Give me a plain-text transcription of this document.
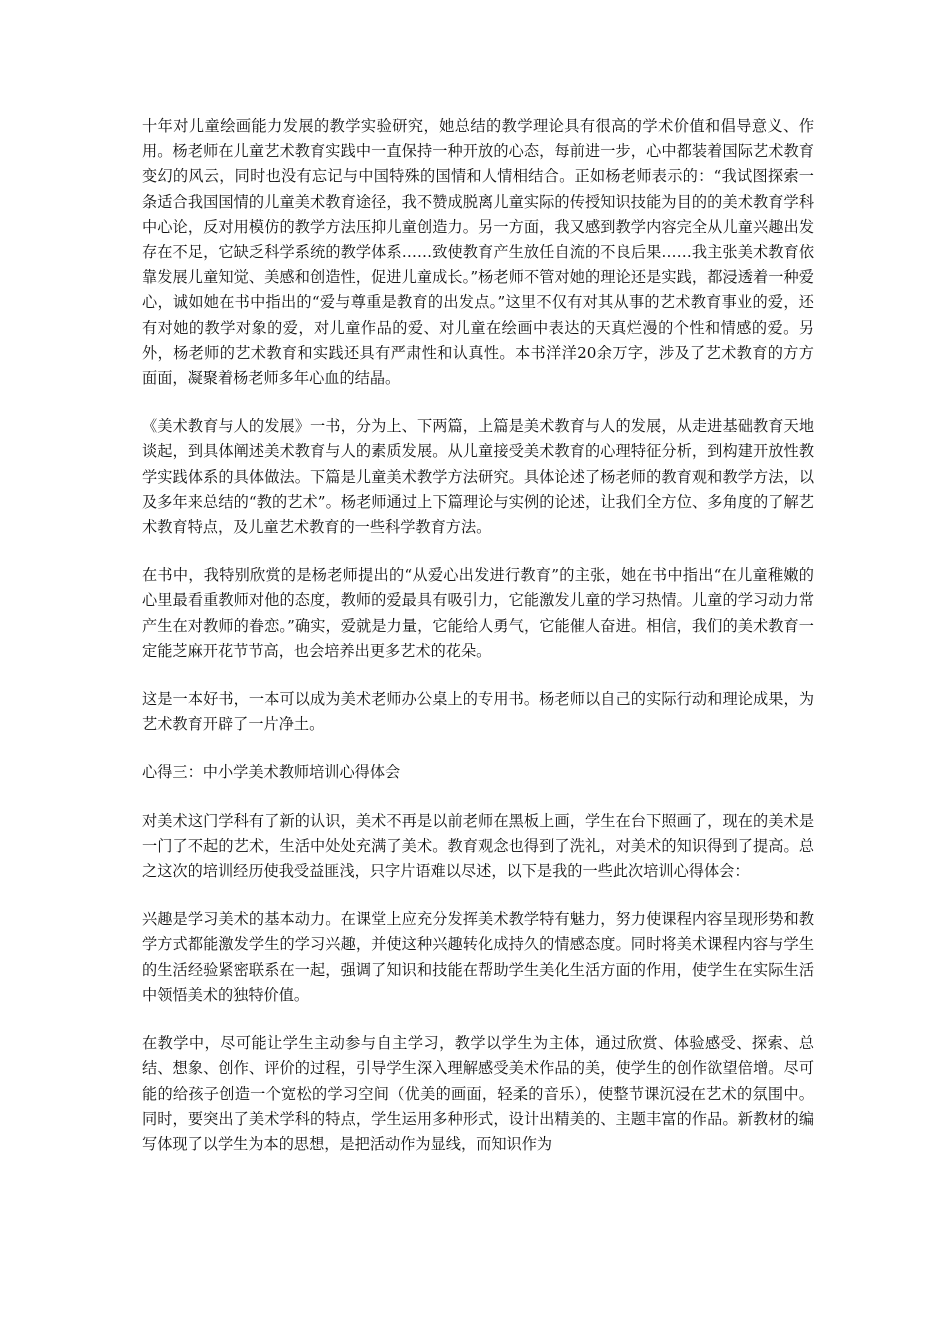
十年对儿童绘画能力发展的教学实验研究，她总结的教学理论具有很高的学术价值和倡导意义、作用。杨老师在儿童艺术教育实践中一直保持一种开放的心态，每前进一步，心中都装着国际艺术教育变幻的风云，同时也没有忘记与中国特殊的国情和人情相结合。正如杨老师表示的：“我试图探索一条适合我国国情的儿童美术教育途径，我不赞成脱离儿童实际的传授知识技能为目的的美术教育学科中心论，反对用模仿的教学方法压抑儿童创造力。另一方面，我又感到教学内容完全从儿童兴趣出发存在不足，它缺乏科学系统的教学体系……致使教育产生放任自流的不良后果……我主张美术教育依靠发展儿童知觉、美感和创造性，促进儿童成长。”杨老师不管对她的理论还是实践，都浸透着一种爱心，诚如她在书中指出的“爱与尊重是教育的出发点。”这里不仅有对其从事的艺术教育事业的爱，还有对她的教学对象的爱，对儿童作品的爱、对儿童在绘画中表达的天真烂漫的个性和情感的爱。另外，杨老师的艺术教育和实践还具有严肃性和认真性。本书洋洋20余万字，涉及了艺术教育的方方面面，凝聚着杨老师多年心血的结晶。

《美术教育与人的发展》一书，分为上、下两篇，上篇是美术教育与人的发展，从走进基础教育天地谈起，到具体阐述美术教育与人的素质发展。从儿童接受美术教育的心理特征分析，到构建开放性教学实践体系的具体做法。下篇是儿童美术教学方法研究。具体论述了杨老师的教育观和教学方法，以及多年来总结的“教的艺术”。杨老师通过上下篇理论与实例的论述，让我们全方位、多角度的了解艺术教育特点，及儿童艺术教育的一些科学教育方法。

在书中，我特别欣赏的是杨老师提出的“从爱心出发进行教育”的主张，她在书中指出“在儿童稚嫩的心里最看重教师对他的态度，教师的爱最具有吸引力，它能激发儿童的学习热情。儿童的学习动力常产生在对教师的眷恋。”确实，爱就是力量，它能给人勇气，它能催人奋进。相信，我们的美术教育一定能芝麻开花节节高，也会培养出更多艺术的花朵。

这是一本好书，一本可以成为美术老师办公桌上的专用书。杨老师以自己的实际行动和理论成果，为艺术教育开辟了一片净土。

心得三：中小学美术教师培训心得体会

对美术这门学科有了新的认识，美术不再是以前老师在黑板上画，学生在台下照画了，现在的美术是一门了不起的艺术，生活中处处充满了美术。教育观念也得到了洗礼，对美术的知识得到了提高。总之这次的培训经历使我受益匪浅，只字片语难以尽述，以下是我的一些此次培训心得体会：

兴趣是学习美术的基本动力。在课堂上应充分发挥美术教学特有魅力，努力使课程内容呈现形势和教学方式都能激发学生的学习兴趣，并使这种兴趣转化成持久的情感态度。同时将美术课程内容与学生的生活经验紧密联系在一起，强调了知识和技能在帮助学生美化生活方面的作用，使学生在实际生活中领悟美术的独特价值。

在教学中，尽可能让学生主动参与自主学习，教学以学生为主体，通过欣赏、体验感受、探索、总结、想象、创作、评价的过程，引导学生深入理解感受美术作品的美，使学生的创作欲望倍增。尽可能的给孩子创造一个宽松的学习空间（优美的画面，轻柔的音乐），使整节课沉浸在艺术的氛围中。同时，要突出了美术学科的特点，学生运用多种形式，设计出精美的、主题丰富的作品。新教材的编写体现了以学生为本的思想，是把活动作为显线，而知识作为
